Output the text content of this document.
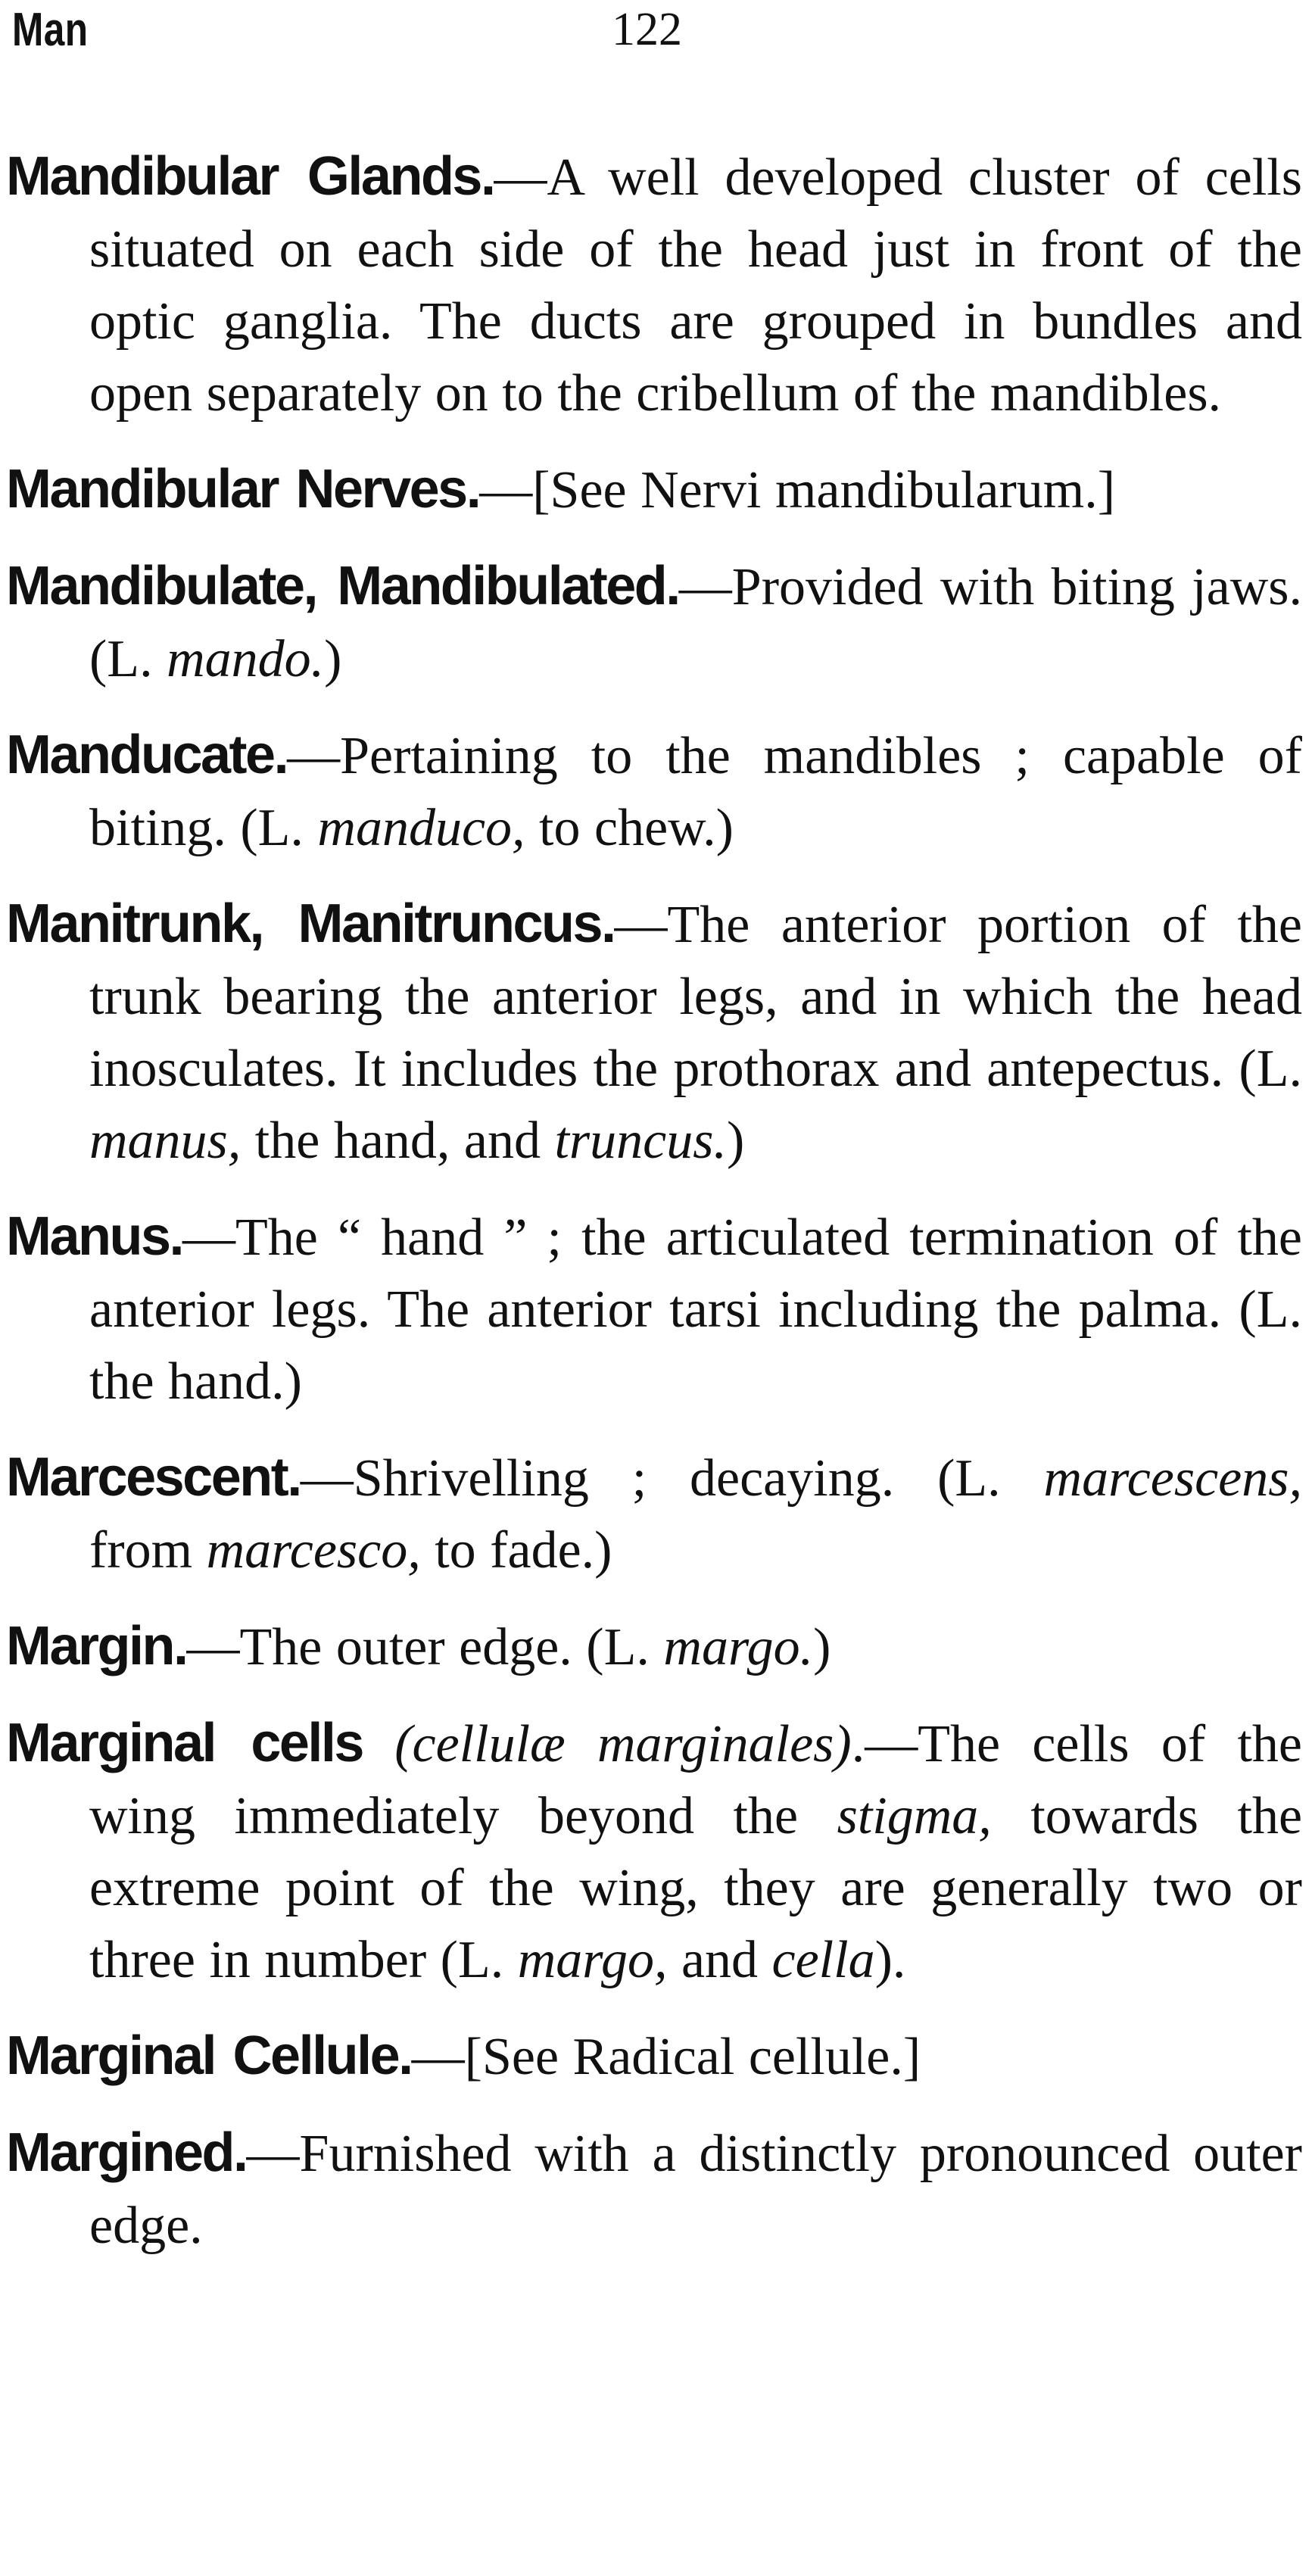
Man	122

Mandibular Glands.—A well developed cluster of cells situated on each side of the head just in front of the optic ganglia. The ducts are grouped in bundles and open separately on to the cribellum of the mandibles.

Mandibular Nerves.—[See Nervi mandibularum.]

Mandibulate, Mandibulated.—Provided with biting jaws. (L. mando.)

Manducate.—Pertaining to the mandibles ; capable of biting. (L. manduco, to chew.)

Manitrunk, Manitruncus.—The anterior portion of the trunk bearing the anterior legs, and in which the head inosculates. It includes the prothorax and antepectus. (L. manus, the hand, and truncus.)

Manus.—The “ hand ” ; the articulated termination of the anterior legs. The anterior tarsi including the palma. (L. the hand.)

Marcescent.—Shrivelling ; decaying. (L. marcescens, from marcesco, to fade.)

Margin.—The outer edge. (L. margo.)

Marginal cells (cellulæ marginales).—The cells of the wing immediately beyond the stigma, towards the extreme point of the wing, they are generally two or three in number (L. margo, and cella).

Marginal Cellule.—[See Radical cellule.]

Margined.—Furnished with a distinctly pronounced outer edge.
